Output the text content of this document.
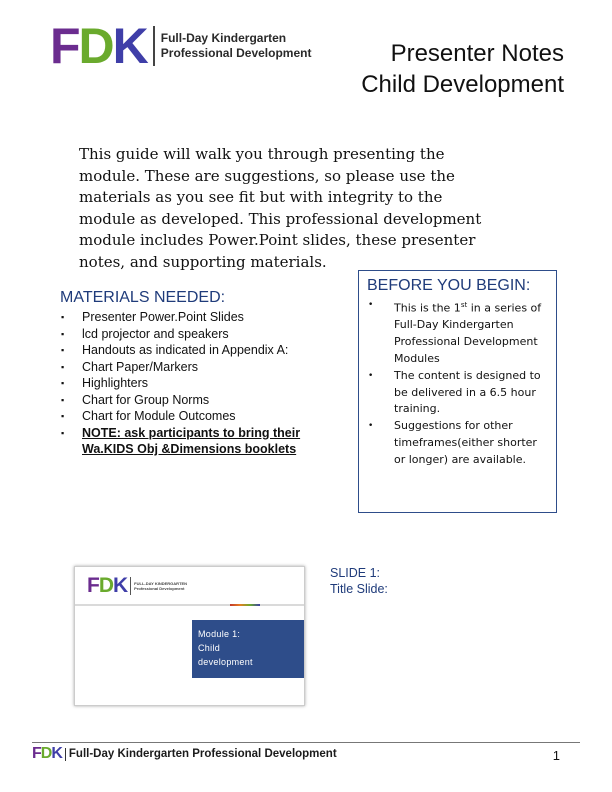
FDK Full-Day Kindergarten
Professional Development	Presenter Notes
Child Development

This guide will walk you through presenting the module. These are suggestions, so please use the materials as you see fit but with integrity to the module as developed. This professional development module includes Power.Point slides, these presenter notes, and supporting materials.

MATERIALS NEEDED:
▪ Presenter Power.Point Slides
▪ lcd projector and speakers
▪ Handouts as indicated in Appendix A:
▪ Chart Paper/Markers
▪ Highlighters
▪ Chart for Group Norms
▪ Chart for Module Outcomes
▪ NOTE: ask participants to bring their Wa.KIDS Obj &Dimensions booklets
BEFORE YOU BEGIN:
• This is the 1st in a series of Full-Day Kindergarten Professional Development Modules
• The content is designed to be delivered in a 6.5 hour training.
• Suggestions for other timeframes(either shorter or longer) are available.
FDK FULL-DAY KINDERGARTEN
Professional Development
Module 1:
Child
development
SLIDE 1:
Title Slide:
FDK Full-Day Kindergarten Professional Development	1
